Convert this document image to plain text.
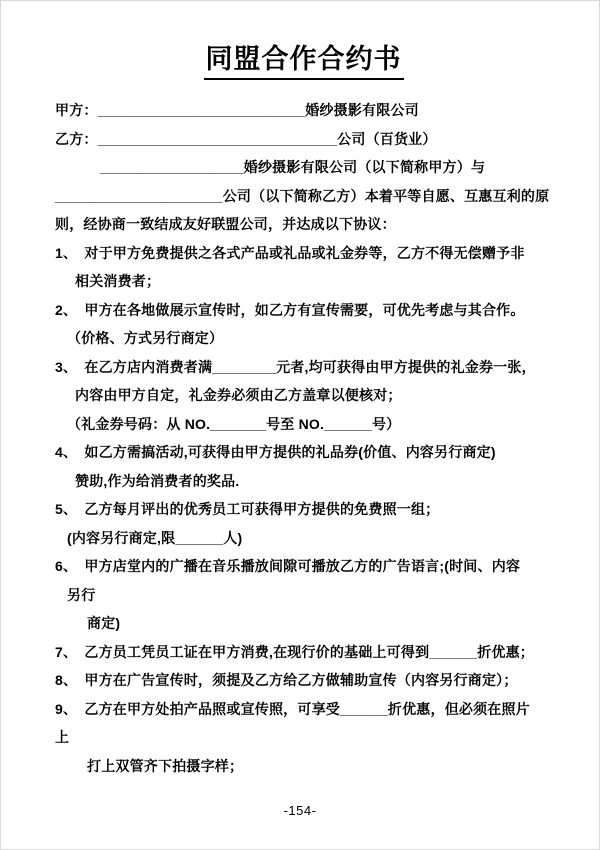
同盟合作合约书
甲方：__________________________婚纱摄影有限公司
乙方：______________________________公司（百货业）
__________________婚纱摄影有限公司（以下简称甲方）与
_____________________公司（以下简称乙方）本着平等自愿、互惠互利的原
则，经协商一致结成友好联盟公司，并达成以下协议：
1、　对于甲方免费提供之各式产品或礼品或礼金券等，乙方不得无偿赠予非
相关消费者；
2、　甲方在各地做展示宣传时，如乙方有宣传需要，可优先考虑与其合作。
（价格、方式另行商定）
3、　在乙方店内消费者满________元者,均可获得由甲方提供的礼金券一张，
内容由甲方自定，礼金券必须由乙方盖章以便核对；
（礼金券号码：从 NO._______号至 NO.______号）
4、　如乙方需搞活动,可获得由甲方提供的礼品券(价值、内容另行商定)
赞助,作为给消费者的奖品.
5、　乙方每月评出的优秀员工可获得甲方提供的免费照一组；
(内容另行商定,限______人)
6、　甲方店堂内的广播在音乐播放间隙可播放乙方的广告语言;(时间、内容
另行
商定)
7、　乙方员工凭员工证在甲方消费,在现行价的基础上可得到______折优惠；
8、　甲方在广告宣传时，须提及乙方给乙方做辅助宣传（内容另行商定）；
9、　乙方在甲方处拍产品照或宣传照，可享受______折优惠，但必须在照片
上
打上双管齐下拍摄字样；
-154-
